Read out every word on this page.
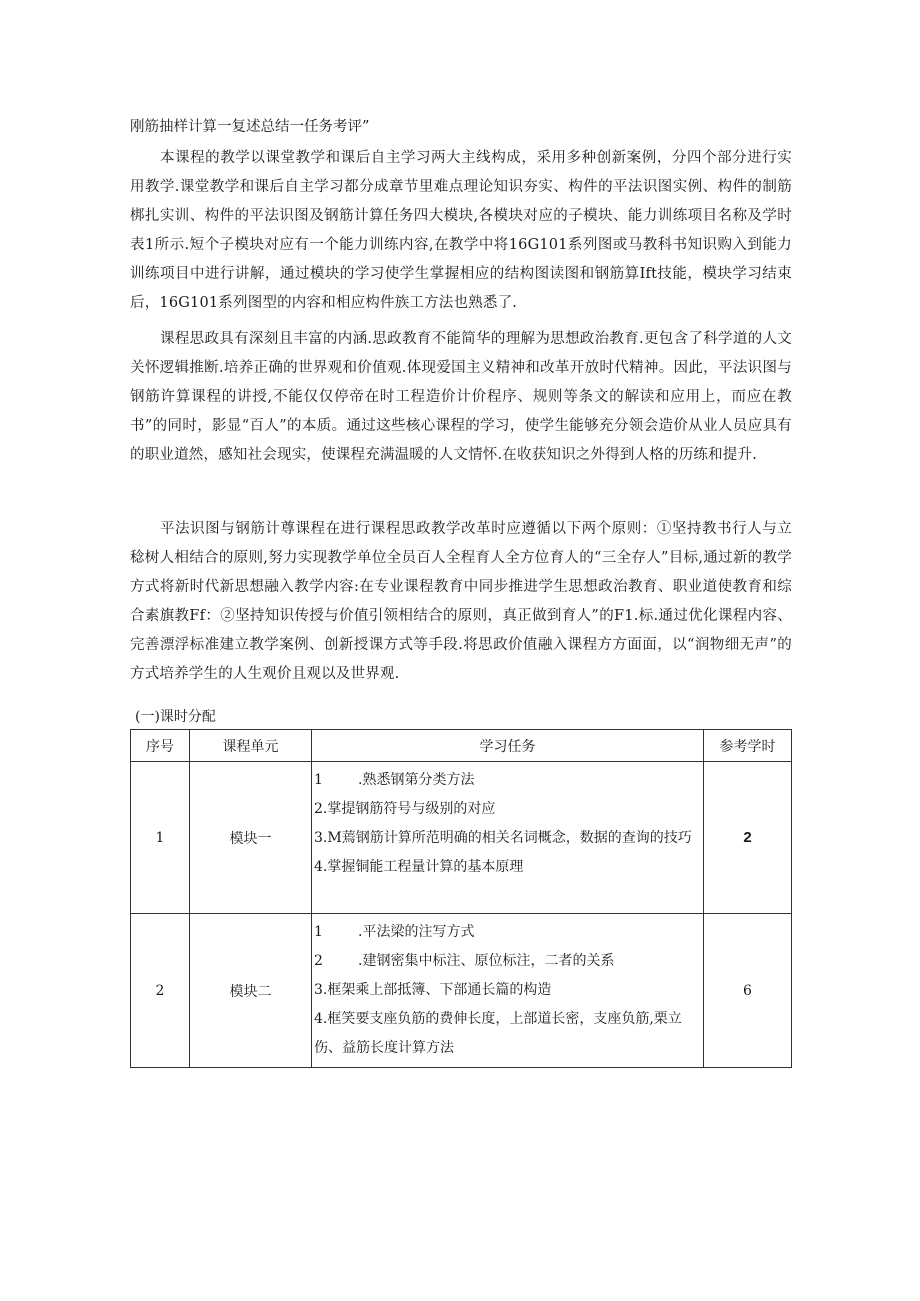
刚筋抽样计算一复述总结一任务考评”

本课程的教学以课堂教学和课后自主学习两大主线构成，采用多种创新案例，分四个部分进行实用教学.课堂教学和课后自主学习都分成章节里难点理论知识夯实、构件的平法识图实例、构件的制筋梆扎实训、构件的平法识图及钢筋计算任务四大模块,各模块对应的子模块、能力训练项目名称及学时表1所示.短个子模块对应有一个能力训练内容,在教学中将16G101系列图或马教科书知识购入到能力训练项目中进行讲解，通过模块的学习使学生掌握相应的结构图读图和钢筋算Ift技能，模块学习结束后，16G101系列图型的内容和相应构件族工方法也熟悉了.

课程思政具有深刻且丰富的内涵.思政教育不能简华的理解为思想政治教育.更包含了科学道的人文关怀逻辑推断.培养正确的世界观和价值观.体现爱国主义精神和改革开放时代精神。因此，平法识图与钢筋许算课程的讲授,不能仅仅停帝在时工程造价计价程序、规则等条文的解读和应用上，而应在教书”的同时，影显“百人”的本质。通过这些核心课程的学习，使学生能够充分领会造价从业人员应具有的职业道然，感知社会现实，使课程充满温暖的人文情怀.在收获知识之外得到人格的历练和提升.

平法识图与钢筋计尊课程在进行课程思政教学改革时应遵循以下两个原则：①坚持教书行人与立稔树人相结合的原则,努力实现教学单位全员百人全程育人全方位育人的“三全存人”目标,通过新的教学方式将新时代新思想融入教学内容:在专业课程教育中同步推进学生思想政治教育、职业道使教育和综合素旗教Ff：②坚持知识传授与价值引领相结合的原则，真正做到育人”的F1.标.通过优化课程内容、完善漂浮标准建立教学案例、创新授课方式等手段.将思政价值融入课程方方面面，以“润物细无声”的方式培养学生的人生观价且观以及世界观.

(一)课时分配
序号	课程单元	学习任务	参考学时
1	模块一	1 .熟悉钢第分类方法
2.掌提钢筋符号与级别的对应
3.M蔫钢筋计算所范明确的相关名词概念，数据的查询的技巧
4.掌握铜能工程量计算的基本原理	2
2	模块二	1 .平法梁的注写方式
2 .建钢密集中标注、原位标注，二者的关系
3.框架乘上部抵簿、下部通长篇的构造
4.框笑要支座负筋的费伸长度，上部道长密，支座负筋,栗立伤、益筋长度计算方法	6
